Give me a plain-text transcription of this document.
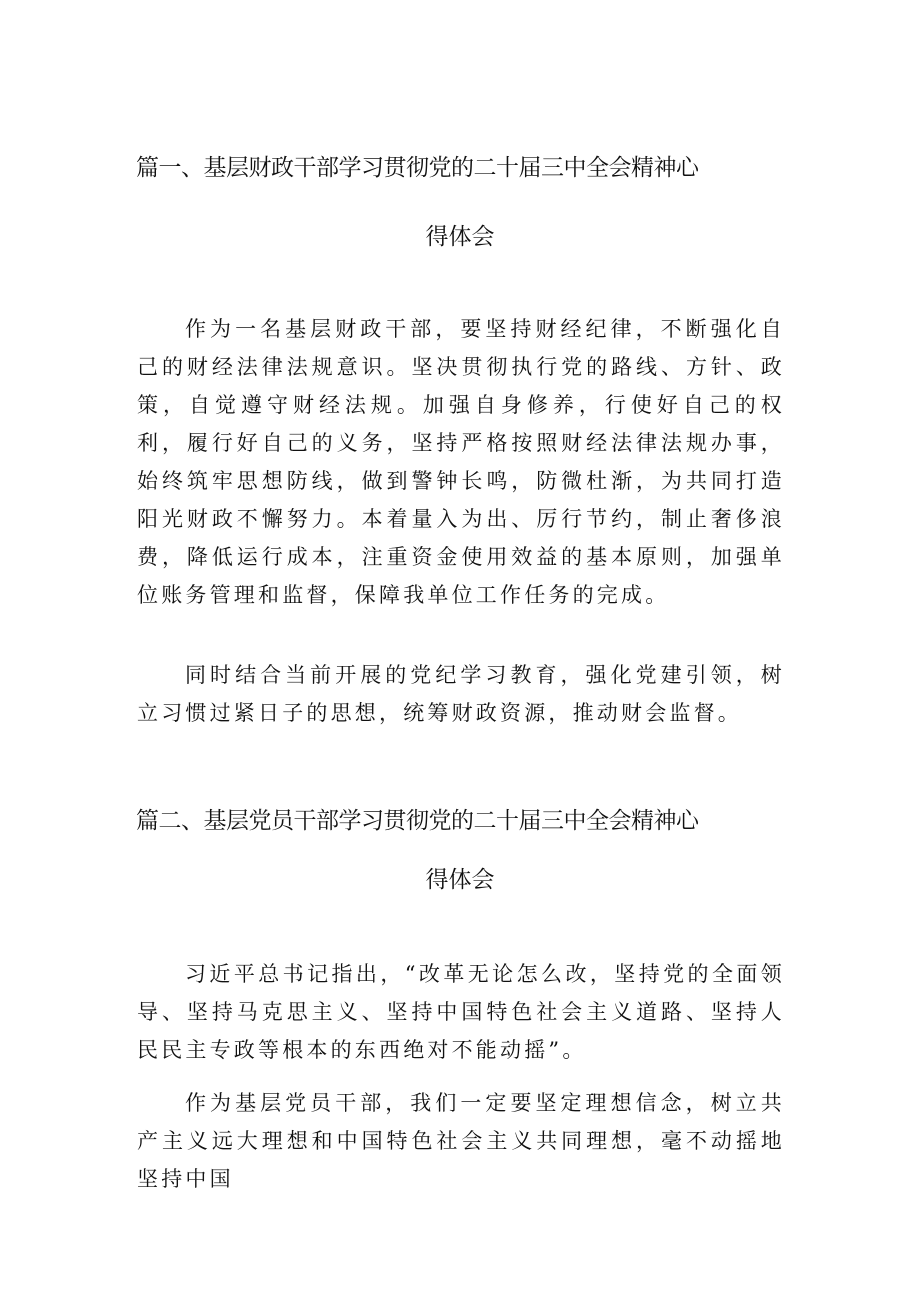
篇一、基层财政干部学习贯彻党的二十届三中全会精神心
得体会

作为一名基层财政干部，要坚持财经纪律，不断强化自己的财经法律法规意识。坚决贯彻执行党的路线、方针、政策，自觉遵守财经法规。加强自身修养，行使好自己的权利，履行好自己的义务，坚持严格按照财经法律法规办事，始终筑牢思想防线，做到警钟长鸣，防微杜渐，为共同打造阳光财政不懈努力。本着量入为出、厉行节约，制止奢侈浪费，降低运行成本，注重资金使用效益的基本原则，加强单位账务管理和监督，保障我单位工作任务的完成。

同时结合当前开展的党纪学习教育，强化党建引领，树立习惯过紧日子的思想，统筹财政资源，推动财会监督。

篇二、基层党员干部学习贯彻党的二十届三中全会精神心
得体会

习近平总书记指出，“改革无论怎么改，坚持党的全面领导、坚持马克思主义、坚持中国特色社会主义道路、坚持人民民主专政等根本的东西绝对不能动摇”。

作为基层党员干部，我们一定要坚定理想信念，树立共产主义远大理想和中国特色社会主义共同理想，毫不动摇地坚持中国
